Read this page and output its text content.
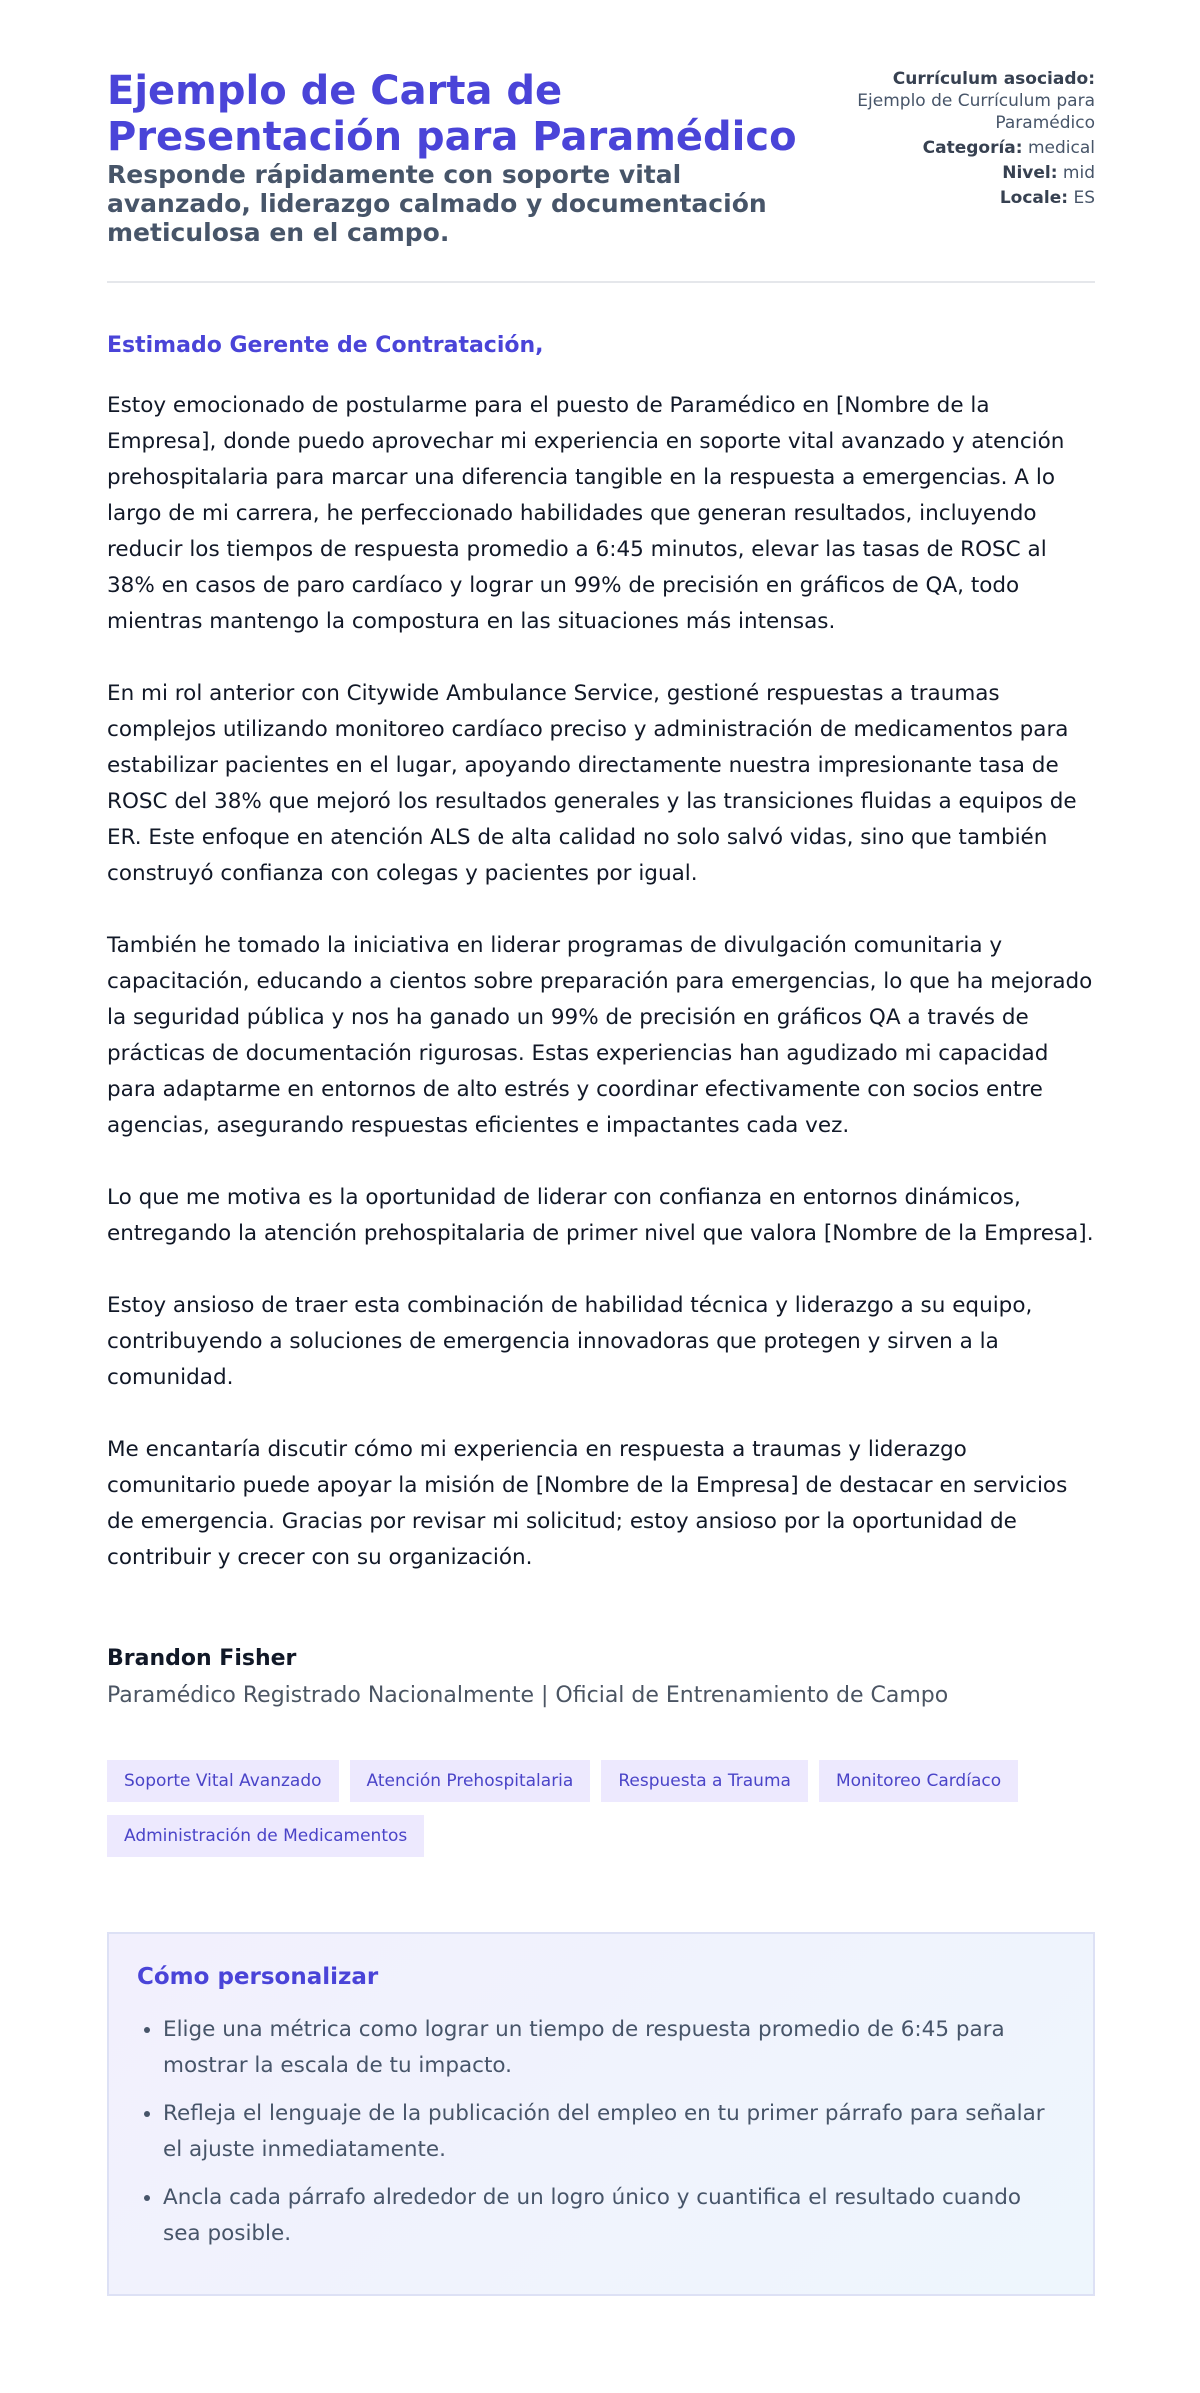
Ejemplo de Carta de Presentación para Paramédico

Responde rápidamente con soporte vital avanzado, liderazgo calmado y documentación meticulosa en el campo.

Currículum asociado:
Ejemplo de Currículum para Paramédico
Categoría: medical
Nivel: mid
Locale: ES
Estimado Gerente de Contratación,

Estoy emocionado de postularme para el puesto de Paramédico en [Nombre de la Empresa], donde puedo aprovechar mi experiencia en soporte vital avanzado y atención prehospitalaria para marcar una diferencia tangible en la respuesta a emergencias. A lo largo de mi carrera, he perfeccionado habilidades que generan resultados, incluyendo reducir los tiempos de respuesta promedio a 6:45 minutos, elevar las tasas de ROSC al 38% en casos de paro cardíaco y lograr un 99% de precisión en gráficos de QA, todo mientras mantengo la compostura en las situaciones más intensas.

En mi rol anterior con Citywide Ambulance Service, gestioné respuestas a traumas complejos utilizando monitoreo cardíaco preciso y administración de medicamentos para estabilizar pacientes en el lugar, apoyando directamente nuestra impresionante tasa de ROSC del 38% que mejoró los resultados generales y las transiciones fluidas a equipos de ER. Este enfoque en atención ALS de alta calidad no solo salvó vidas, sino que también construyó confianza con colegas y pacientes por igual.

También he tomado la iniciativa en liderar programas de divulgación comunitaria y capacitación, educando a cientos sobre preparación para emergencias, lo que ha mejorado la seguridad pública y nos ha ganado un 99% de precisión en gráficos QA a través de prácticas de documentación rigurosas. Estas experiencias han agudizado mi capacidad para adaptarme en entornos de alto estrés y coordinar efectivamente con socios entre agencias, asegurando respuestas eficientes e impactantes cada vez.

Lo que me motiva es la oportunidad de liderar con confianza en entornos dinámicos, entregando la atención prehospitalaria de primer nivel que valora [Nombre de la Empresa].

Estoy ansioso de traer esta combinación de habilidad técnica y liderazgo a su equipo, contribuyendo a soluciones de emergencia innovadoras que protegen y sirven a la comunidad.

Me encantaría discutir cómo mi experiencia en respuesta a traumas y liderazgo comunitario puede apoyar la misión de [Nombre de la Empresa] de destacar en servicios de emergencia. Gracias por revisar mi solicitud; estoy ansioso por la oportunidad de contribuir y crecer con su organización.

Brandon Fisher
Paramédico Registrado Nacionalmente | Oficial de Entrenamiento de Campo
Soporte Vital Avanzado	Atención Prehospitalaria	Respuesta a Trauma	Monitoreo Cardíaco
Administración de Medicamentos
Cómo personalizar
• Elige una métrica como lograr un tiempo de respuesta promedio de 6:45 para mostrar la escala de tu impacto.
• Refleja el lenguaje de la publicación del empleo en tu primer párrafo para señalar el ajuste inmediatamente.
• Ancla cada párrafo alrededor de un logro único y cuantifica el resultado cuando sea posible.
